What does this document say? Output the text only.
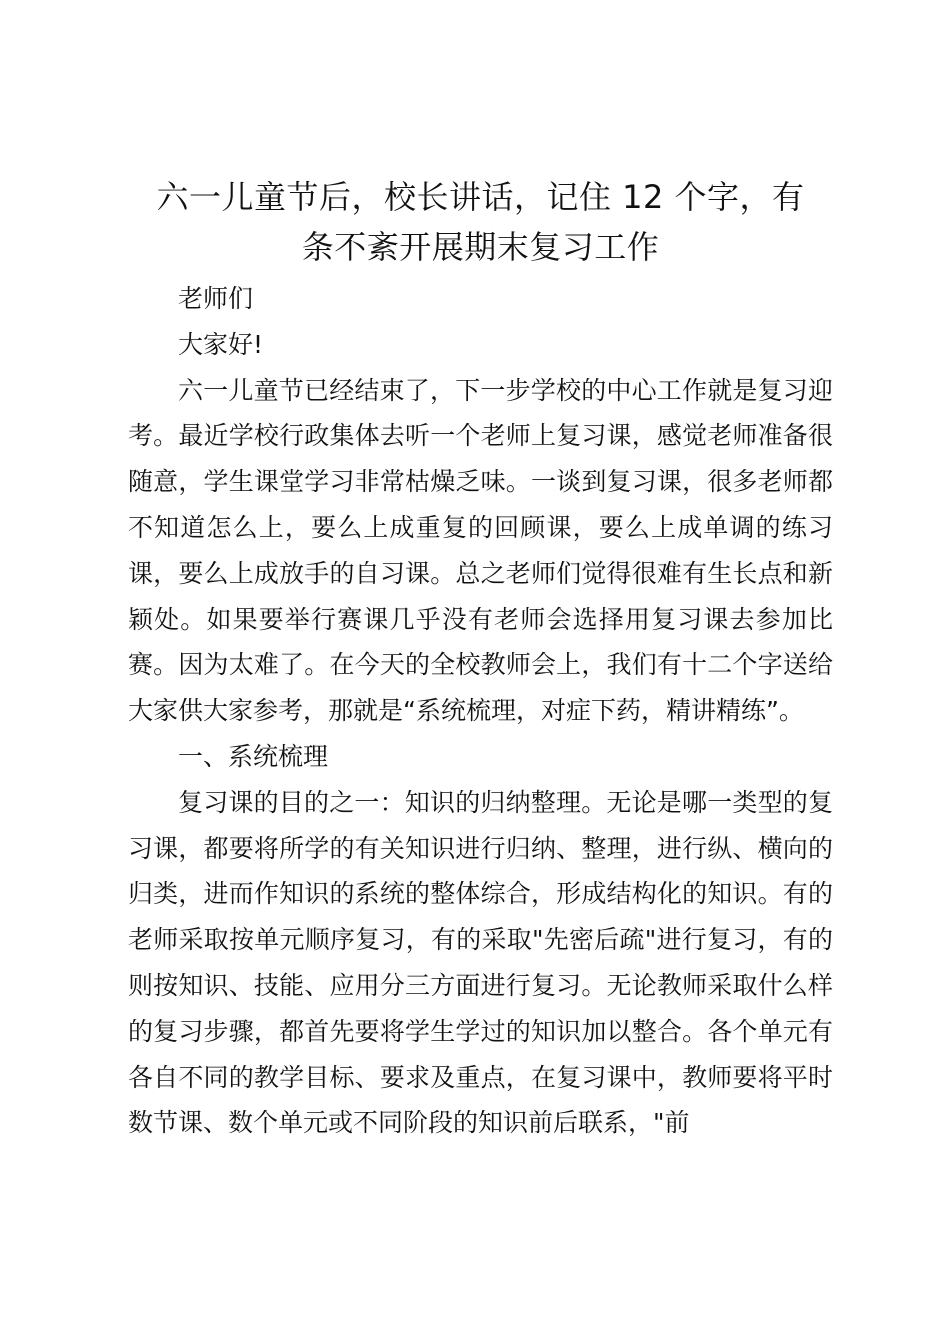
六一儿童节后，校长讲话，记住 12 个字，有
条不紊开展期末复习工作

老师们

大家好!

六一儿童节已经结束了，下一步学校的中心工作就是复习迎考。最近学校行政集体去听一个老师上复习课，感觉老师准备很随意，学生课堂学习非常枯燥乏味。一谈到复习课，很多老师都不知道怎么上，要么上成重复的回顾课，要么上成单调的练习课，要么上成放手的自习课。总之老师们觉得很难有生长点和新颖处。如果要举行赛课几乎没有老师会选择用复习课去参加比赛。因为太难了。在今天的全校教师会上，我们有十二个字送给大家供大家参考，那就是“系统梳理，对症下药，精讲精练”。

一、系统梳理

复习课的目的之一：知识的归纳整理。无论是哪一类型的复习课，都要将所学的有关知识进行归纳、整理，进行纵、横向的归类，进而作知识的系统的整体综合，形成结构化的知识。有的老师采取按单元顺序复习，有的采取"先密后疏"进行复习，有的则按知识、技能、应用分三方面进行复习。无论教师采取什么样的复习步骤，都首先要将学生学过的知识加以整合。各个单元有各自不同的教学目标、要求及重点，在复习课中，教师要将平时数节课、数个单元或不同阶段的知识前后联系，"前
